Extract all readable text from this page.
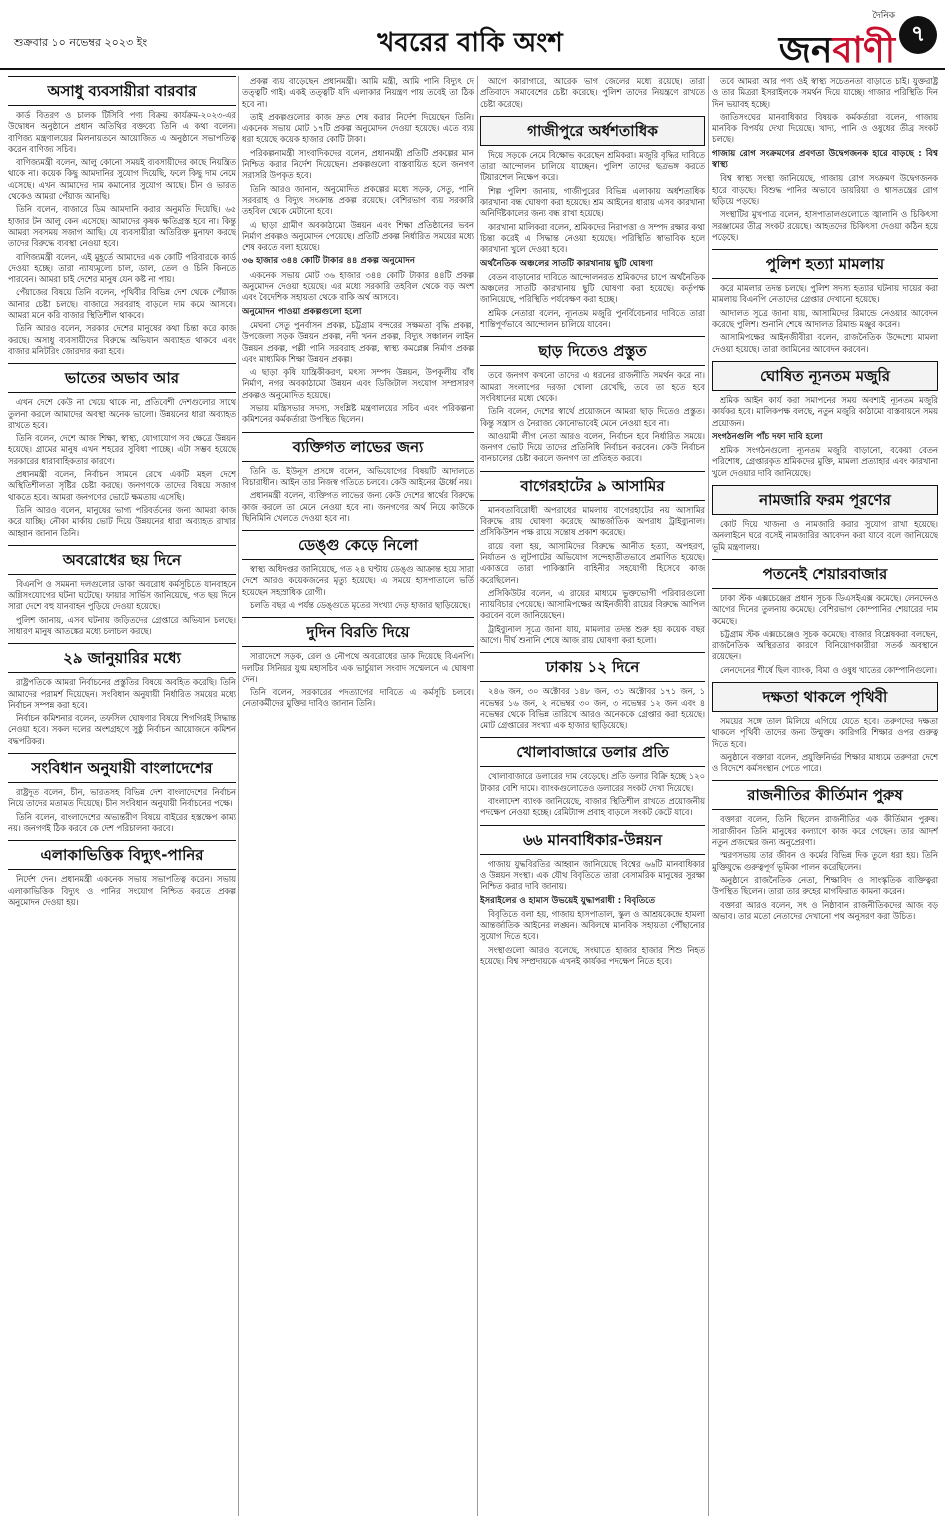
শুক্রবার ১০ নভেম্বর ২০২৩ ইং	খবরের বাকি অংশ
দৈনিক
জনবাণী ৭
অসাধু ব্যবসায়ীরা বারবার

কার্ড বিতরণ ও চালক টিসিবি পণ্য বিক্রয় কার্যক্রম-২০২৩-এর উদ্বোধন অনুষ্ঠানে প্রধান অতিথির বক্তব্যে তিনি এ কথা বলেন। বাণিজ্য মন্ত্রণালয়ের মিলনায়তনে আয়োজিত এ অনুষ্ঠানে সভাপতিত্ব করেন বাণিজ্য সচিব।

বাণিজ্যমন্ত্রী বলেন, আলু কোনো সময়ই ব্যবসায়ীদের কাছে নিয়ন্ত্রিত থাকে না। কয়েক কিছু আমদানির সুযোগ দিয়েছি, ফলে কিছু দাম নেমে এসেছে। এখন আমাদের দাম কমানোর সুযোগ আছে। চীন ও ভারত থেকেও আমরা পেঁয়াজ আনছি।

তিনি বলেন, বাজারে ডিম আমদানি করার অনুমতি দিয়েছি। ৬৫ হাজার টন আলু কেন এসেছে। আমাদের কৃষক ক্ষতিগ্রস্ত হবে না। কিন্তু আমরা সবসময় সজাগ আছি। যে ব্যবসায়ীরা অতিরিক্ত মুনাফা করছে তাদের বিরুদ্ধে ব্যবস্থা নেওয়া হবে।

বাণিজ্যমন্ত্রী বলেন, এই মুহূর্তে আমাদের এক কোটি পরিবারকে কার্ড দেওয়া হচ্ছে। তারা ন্যায্যমূল্যে চাল, ডাল, তেল ও চিনি কিনতে পারবেন। আমরা চাই দেশের মানুষ যেন কষ্ট না পায়।

পেঁয়াজের বিষয়ে তিনি বলেন, পৃথিবীর বিভিন্ন দেশ থেকে পেঁয়াজ আনার চেষ্টা চলছে। বাজারে সরবরাহ বাড়লে দাম কমে আসবে। আমরা মনে করি বাজার স্থিতিশীল থাকবে।

তিনি আরও বলেন, সরকার দেশের মানুষের কথা চিন্তা করে কাজ করছে। অসাধু ব্যবসায়ীদের বিরুদ্ধে অভিযান অব্যাহত থাকবে এবং বাজার মনিটরিং জোরদার করা হবে।

ভাতের অভাব আর

এখন দেশে কেউ না খেয়ে থাকে না, প্রতিবেশী দেশগুলোর সাথে তুলনা করলে আমাদের অবস্থা অনেক ভালো। উন্নয়নের ধারা অব্যাহত রাখতে হবে।

তিনি বলেন, দেশে আজ শিক্ষা, স্বাস্থ্য, যোগাযোগ সব ক্ষেত্রে উন্নয়ন হয়েছে। গ্রামের মানুষ এখন শহরের সুবিধা পাচ্ছে। এটা সম্ভব হয়েছে সরকারের ধারাবাহিকতার কারণে।

প্রধানমন্ত্রী বলেন, নির্বাচন সামনে রেখে একটি মহল দেশে অস্থিতিশীলতা সৃষ্টির চেষ্টা করছে। জনগণকে তাদের বিষয়ে সজাগ থাকতে হবে। আমরা জনগণের ভোটে ক্ষমতায় এসেছি।

তিনি আরও বলেন, মানুষের ভাগ্য পরিবর্তনের জন্য আমরা কাজ করে যাচ্ছি। নৌকা মার্কায় ভোট দিয়ে উন্নয়নের ধারা অব্যাহত রাখার আহ্বান জানান তিনি।

অবরোধের ছয় দিনে

বিএনপি ও সমমনা দলগুলোর ডাকা অবরোধ কর্মসূচিতে যানবাহনে অগ্নিসংযোগের ঘটনা ঘটেছে। ফায়ার সার্ভিস জানিয়েছে, গত ছয় দিনে সারা দেশে বহু যানবাহন পুড়িয়ে দেওয়া হয়েছে।

পুলিশ জানায়, এসব ঘটনায় জড়িতদের গ্রেপ্তারে অভিযান চলছে। সাধারণ মানুষ আতঙ্কের মধ্যে চলাচল করছে।

২৯ জানুয়ারির মধ্যে

রাষ্ট্রপতিকে আমরা নির্বাচনের প্রস্তুতির বিষয়ে অবহিত করেছি। তিনি আমাদের পরামর্শ দিয়েছেন। সংবিধান অনুযায়ী নির্ধারিত সময়ের মধ্যে নির্বাচন সম্পন্ন করা হবে।

নির্বাচন কমিশনার বলেন, তফসিল ঘোষণার বিষয়ে শিগগিরই সিদ্ধান্ত নেওয়া হবে। সকল দলের অংশগ্রহণে সুষ্ঠু নির্বাচন আয়োজনে কমিশন বদ্ধপরিকর।

সংবিধান অনুযায়ী বাংলাদেশের

রাষ্ট্রদূত বলেন, চীন, ভারতসহ বিভিন্ন দেশ বাংলাদেশের নির্বাচন নিয়ে তাদের মতামত দিয়েছে। চীন সংবিধান অনুযায়ী নির্বাচনের পক্ষে।

তিনি বলেন, বাংলাদেশের অভ্যন্তরীণ বিষয়ে বাইরের হস্তক্ষেপ কাম্য নয়। জনগণই ঠিক করবে কে দেশ পরিচালনা করবে।

এলাকাভিত্তিক বিদ্যুৎ-পানির

নির্দেশ দেন। প্রধানমন্ত্রী একনেক সভায় সভাপতিত্ব করেন। সভায় এলাকাভিত্তিক বিদ্যুৎ ও পানির সংযোগ নিশ্চিত করতে প্রকল্প অনুমোদন দেওয়া হয়।

প্রকল্প ব্যয় বাড়েছেন প্রধানমন্ত্রী। আমি মন্ত্রী, আমি পানি বিদ্যুৎ দে তত্ত্বটি গাই। একই তত্ত্বটি যদি এলাকার নিয়ন্ত্রণ পায় তবেই তা ঠিক হবে না।

তাই প্রকল্পগুলোর কাজ দ্রুত শেষ করার নির্দেশ দিয়েছেন তিনি। একনেক সভায় মোট ১৭টি প্রকল্প অনুমোদন দেওয়া হয়েছে। এতে ব্যয় ধরা হয়েছে কয়েক হাজার কোটি টাকা।

পরিকল্পনামন্ত্রী সাংবাদিকদের বলেন, প্রধানমন্ত্রী প্রতিটি প্রকল্পের মান নিশ্চিত করার নির্দেশ দিয়েছেন। প্রকল্পগুলো বাস্তবায়িত হলে জনগণ সরাসরি উপকৃত হবে।

তিনি আরও জানান, অনুমোদিত প্রকল্পের মধ্যে সড়ক, সেতু, পানি সরবরাহ ও বিদ্যুৎ সংক্রান্ত প্রকল্প রয়েছে। বেশিরভাগ ব্যয় সরকারি তহবিল থেকে মেটানো হবে।

এ ছাড়া গ্রামীণ অবকাঠামো উন্নয়ন এবং শিক্ষা প্রতিষ্ঠানের ভবন নির্মাণ প্রকল্পও অনুমোদন পেয়েছে। প্রতিটি প্রকল্প নির্ধারিত সময়ের মধ্যে শেষ করতে বলা হয়েছে।

৩৬ হাজার ৩৪৪ কোটি টাকার ৪৪ প্রকল্প অনুমোদন

একনেক সভায় মোট ৩৬ হাজার ৩৪৪ কোটি টাকার ৪৪টি প্রকল্প অনুমোদন দেওয়া হয়েছে। এর মধ্যে সরকারি তহবিল থেকে বড় অংশ এবং বৈদেশিক সহায়তা থেকে বাকি অর্থ আসবে।

অনুমোদন পাওয়া প্রকল্পগুলো হলো

মেঘনা সেতু পুনর্বাসন প্রকল্প, চট্টগ্রাম বন্দরের সক্ষমতা বৃদ্ধি প্রকল্প, উপজেলা সড়ক উন্নয়ন প্রকল্প, নদী খনন প্রকল্প, বিদ্যুৎ সঞ্চালন লাইন উন্নয়ন প্রকল্প, পল্লী পানি সরবরাহ প্রকল্প, স্বাস্থ্য কমপ্লেক্স নির্মাণ প্রকল্প এবং মাধ্যমিক শিক্ষা উন্নয়ন প্রকল্প।

এ ছাড়া কৃষি যান্ত্রিকীকরণ, মৎস্য সম্পদ উন্নয়ন, উপকূলীয় বাঁধ নির্মাণ, নগর অবকাঠামো উন্নয়ন এবং ডিজিটাল সংযোগ সম্প্রসারণ প্রকল্পও অনুমোদিত হয়েছে।

সভায় মন্ত্রিসভার সদস্য, সংশ্লিষ্ট মন্ত্রণালয়ের সচিব এবং পরিকল্পনা কমিশনের কর্মকর্তারা উপস্থিত ছিলেন।

ব্যক্তিগত লাভের জন্য

তিনি ড. ইউনূস প্রসঙ্গে বলেন, অভিযোগের বিষয়টি আদালতে বিচারাধীন। আইন তার নিজস্ব গতিতে চলবে। কেউ আইনের ঊর্ধ্বে নয়।

প্রধানমন্ত্রী বলেন, ব্যক্তিগত লাভের জন্য কেউ দেশের স্বার্থের বিরুদ্ধে কাজ করলে তা মেনে নেওয়া হবে না। জনগণের অর্থ নিয়ে কাউকে ছিনিমিনি খেলতে দেওয়া হবে না।

ডেঙ্গু কেড়ে নিলো

স্বাস্থ্য অধিদপ্তর জানিয়েছে, গত ২৪ ঘণ্টায় ডেঙ্গু আক্রান্ত হয়ে সারা দেশে আরও কয়েকজনের মৃত্যু হয়েছে। এ সময়ে হাসপাতালে ভর্তি হয়েছেন সহস্রাধিক রোগী।

চলতি বছর এ পর্যন্ত ডেঙ্গুতে মৃতের সংখ্যা দেড় হাজার ছাড়িয়েছে।

দুদিন বিরতি দিয়ে

সারাদেশে সড়ক, রেল ও নৌপথে অবরোধের ডাক দিয়েছে বিএনপি। দলটির সিনিয়র যুগ্ম মহাসচিব এক ভার্চুয়াল সংবাদ সম্মেলনে এ ঘোষণা দেন।

তিনি বলেন, সরকারের পদত্যাগের দাবিতে এ কর্মসূচি চলবে। নেতাকর্মীদের মুক্তির দাবিও জানান তিনি।

আগে কারাগারে, আরেক ভাগ জেলের মধ্যে রয়েছে। তারা প্রতিবাদে সমাবেশের চেষ্টা করেছে। পুলিশ তাদের নিয়ন্ত্রণে রাখতে চেষ্টা করেছে।

গাজীপুরে অর্ধশতাধিক

দিয়ে সড়কে নেমে বিক্ষোভ করেছেন শ্রমিকরা। মজুরি বৃদ্ধির দাবিতে তারা আন্দোলন চালিয়ে যাচ্ছেন। পুলিশ তাদের ছত্রভঙ্গ করতে টিয়ারশেল নিক্ষেপ করে।

শিল্প পুলিশ জানায়, গাজীপুরের বিভিন্ন এলাকায় অর্ধশতাধিক কারখানা বন্ধ ঘোষণা করা হয়েছে। শ্রম আইনের ধারায় এসব কারখানা অনির্দিষ্টকালের জন্য বন্ধ রাখা হয়েছে।

কারখানা মালিকরা বলেন, শ্রমিকদের নিরাপত্তা ও সম্পদ রক্ষার কথা চিন্তা করেই এ সিদ্ধান্ত নেওয়া হয়েছে। পরিস্থিতি স্বাভাবিক হলে কারখানা খুলে দেওয়া হবে।

অর্থনৈতিক অঞ্চলের সাতটি কারখানায় ছুটি ঘোষণা

বেতন বাড়ানোর দাবিতে আন্দোলনরত শ্রমিকদের চাপে অর্থনৈতিক অঞ্চলের সাতটি কারখানায় ছুটি ঘোষণা করা হয়েছে। কর্তৃপক্ষ জানিয়েছে, পরিস্থিতি পর্যবেক্ষণ করা হচ্ছে।

শ্রমিক নেতারা বলেন, ন্যূনতম মজুরি পুনর্বিবেচনার দাবিতে তারা শান্তিপূর্ণভাবে আন্দোলন চালিয়ে যাবেন।

ছাড় দিতেও প্রস্তুত

তবে জনগণ কখনো তাদের এ ধরনের রাজনীতি সমর্থন করে না। আমরা সংলাপের দরজা খোলা রেখেছি, তবে তা হতে হবে সংবিধানের মধ্যে থেকে।

তিনি বলেন, দেশের স্বার্থে প্রয়োজনে আমরা ছাড় দিতেও প্রস্তুত। কিন্তু সন্ত্রাস ও নৈরাজ্য কোনোভাবেই মেনে নেওয়া হবে না।

আওয়ামী লীগ নেতা আরও বলেন, নির্বাচন হবে নির্ধারিত সময়ে। জনগণ ভোট দিয়ে তাদের প্রতিনিধি নির্বাচন করবেন। কেউ নির্বাচন বানচালের চেষ্টা করলে জনগণ তা প্রতিহত করবে।

বাগেরহাটের ৯ আসামির

মানবতাবিরোধী অপরাধের মামলায় বাগেরহাটের নয় আসামির বিরুদ্ধে রায় ঘোষণা করেছে আন্তর্জাতিক অপরাধ ট্রাইব্যুনাল। প্রসিকিউশন পক্ষ রায়ে সন্তোষ প্রকাশ করেছে।

রায়ে বলা হয়, আসামিদের বিরুদ্ধে আনীত হত্যা, অপহরণ, নির্যাতন ও লুটপাটের অভিযোগ সন্দেহাতীতভাবে প্রমাণিত হয়েছে। একাত্তরে তারা পাকিস্তানি বাহিনীর সহযোগী হিসেবে কাজ করেছিলেন।

প্রসিকিউটর বলেন, এ রায়ের মাধ্যমে ভুক্তভোগী পরিবারগুলো ন্যায়বিচার পেয়েছে। আসামিপক্ষের আইনজীবী রায়ের বিরুদ্ধে আপিল করবেন বলে জানিয়েছেন।

ট্রাইব্যুনাল সূত্রে জানা যায়, মামলার তদন্ত শুরু হয় কয়েক বছর আগে। দীর্ঘ শুনানি শেষে আজ রায় ঘোষণা করা হলো।

ঢাকায় ১২ দিনে

২৪৬ জন, ৩০ অক্টোবর ১৪৮ জন, ৩১ অক্টোবর ১৭১ জন, ১ নভেম্বর ১৬ জন, ২ নভেম্বর ৩০ জন, ৩ নভেম্বর ১২ জন এবং ৪ নভেম্বর থেকে বিভিন্ন তারিখে আরও অনেককে গ্রেপ্তার করা হয়েছে। মোট গ্রেপ্তারের সংখ্যা এক হাজার ছাড়িয়েছে।

খোলাবাজারে ডলার প্রতি

খোলাবাজারে ডলারের দাম বেড়েছে। প্রতি ডলার বিক্রি হচ্ছে ১২০ টাকার বেশি দামে। ব্যাংকগুলোতেও ডলারের সংকট দেখা দিয়েছে।

বাংলাদেশ ব্যাংক জানিয়েছে, বাজার স্থিতিশীল রাখতে প্রয়োজনীয় পদক্ষেপ নেওয়া হচ্ছে। রেমিট্যান্স প্রবাহ বাড়লে সংকট কেটে যাবে।

৬৬ মানবাধিকার-উন্নয়ন

গাজায় যুদ্ধবিরতির আহ্বান জানিয়েছে বিশ্বের ৬৬টি মানবাধিকার ও উন্নয়ন সংস্থা। এক যৌথ বিবৃতিতে তারা বেসামরিক মানুষের সুরক্ষা নিশ্চিত করার দাবি জানায়।

ইসরাইলের ও হামাস উভয়েই যুদ্ধাপরাধী : বিবৃতিতে

বিবৃতিতে বলা হয়, গাজায় হাসপাতাল, স্কুল ও আশ্রয়কেন্দ্রে হামলা আন্তর্জাতিক আইনের লঙ্ঘন। অবিলম্বে মানবিক সহায়তা পৌঁছানোর সুযোগ দিতে হবে।

সংস্থাগুলো আরও বলেছে, সংঘাতে হাজার হাজার শিশু নিহত হয়েছে। বিশ্ব সম্প্রদায়কে এখনই কার্যকর পদক্ষেপ নিতে হবে।

তবে আমরা আর পণ্য ওই স্বাস্থ্য সচেতনতা বাড়াতে চাই। যুক্তরাষ্ট্র ও তার মিত্ররা ইসরাইলকে সমর্থন দিয়ে যাচ্ছে। গাজার পরিস্থিতি দিন দিন ভয়াবহ হচ্ছে।

জাতিসংঘের মানবাধিকার বিষয়ক কর্মকর্তারা বলেন, গাজায় মানবিক বিপর্যয় দেখা দিয়েছে। খাদ্য, পানি ও ওষুধের তীব্র সংকট চলছে।

গাজায় রোগ সংক্রমণের প্রবণতা উদ্বেগজনক হারে বাড়ছে : বিশ্ব স্বাস্থ্য

বিশ্ব স্বাস্থ্য সংস্থা জানিয়েছে, গাজায় রোগ সংক্রমণ উদ্বেগজনক হারে বাড়ছে। বিশুদ্ধ পানির অভাবে ডায়রিয়া ও শ্বাসতন্ত্রের রোগ ছড়িয়ে পড়ছে।

সংস্থাটির মুখপাত্র বলেন, হাসপাতালগুলোতে জ্বালানি ও চিকিৎসা সরঞ্জামের তীব্র সংকট রয়েছে। আহতদের চিকিৎসা দেওয়া কঠিন হয়ে পড়েছে।

পুলিশ হত্যা মামলায়

করে মামলার তদন্ত চলছে। পুলিশ সদস্য হত্যার ঘটনায় দায়ের করা মামলায় বিএনপি নেতাদের গ্রেপ্তার দেখানো হয়েছে।

আদালত সূত্রে জানা যায়, আসামিদের রিমান্ডে নেওয়ার আবেদন করেছে পুলিশ। শুনানি শেষে আদালত রিমান্ড মঞ্জুর করেন।

আসামিপক্ষের আইনজীবীরা বলেন, রাজনৈতিক উদ্দেশ্যে মামলা দেওয়া হয়েছে। তারা জামিনের আবেদন করবেন।

ঘোষিত ন্যূনতম মজুরি

শ্রমিক আইন কার্য করা সমাপনের সময় অবশ্যই ন্যূনতম মজুরি কার্যকর হবে। মালিকপক্ষ বলছে, নতুন মজুরি কাঠামো বাস্তবায়নে সময় প্রয়োজন।

সংগঠনগুলি পাঁচ দফা দাবি হলো

শ্রমিক সংগঠনগুলো ন্যূনতম মজুরি বাড়ানো, বকেয়া বেতন পরিশোধ, গ্রেপ্তারকৃত শ্রমিকদের মুক্তি, মামলা প্রত্যাহার এবং কারখানা খুলে দেওয়ার দাবি জানিয়েছে।

নামজারি ফরম পূরণের

কোট দিয়ে খাজনা ও নামজারি করার সুযোগ রাখা হয়েছে। অনলাইনে ঘরে বসেই নামজারির আবেদন করা যাবে বলে জানিয়েছে ভূমি মন্ত্রণালয়।

পতনেই শেয়ারবাজার

ঢাকা স্টক এক্সচেঞ্জের প্রধান সূচক ডিএসইএক্স কমেছে। লেনদেনও আগের দিনের তুলনায় কমেছে। বেশিরভাগ কোম্পানির শেয়ারের দাম কমেছে।

চট্টগ্রাম স্টক এক্সচেঞ্জেও সূচক কমেছে। বাজার বিশ্লেষকরা বলছেন, রাজনৈতিক অস্থিরতার কারণে বিনিয়োগকারীরা সতর্ক অবস্থানে রয়েছেন।

লেনদেনের শীর্ষে ছিল ব্যাংক, বিমা ও ওষুধ খাতের কোম্পানিগুলো।

দক্ষতা থাকলে পৃথিবী

সময়ের সঙ্গে তাল মিলিয়ে এগিয়ে যেতে হবে। তরুণদের দক্ষতা থাকলে পৃথিবী তাদের জন্য উন্মুক্ত। কারিগরি শিক্ষার ওপর গুরুত্ব দিতে হবে।

অনুষ্ঠানে বক্তারা বলেন, প্রযুক্তিনির্ভর শিক্ষার মাধ্যমে তরুণরা দেশে ও বিদেশে কর্মসংস্থান পেতে পারে।

রাজনীতির কীর্তিমান পুরুষ

বক্তারা বলেন, তিনি ছিলেন রাজনীতির এক কীর্তিমান পুরুষ। সারাজীবন তিনি মানুষের কল্যাণে কাজ করে গেছেন। তার আদর্শ নতুন প্রজন্মের জন্য অনুপ্রেরণা।

স্মরণসভায় তার জীবন ও কর্মের বিভিন্ন দিক তুলে ধরা হয়। তিনি মুক্তিযুদ্ধে গুরুত্বপূর্ণ ভূমিকা পালন করেছিলেন।

অনুষ্ঠানে রাজনৈতিক নেতা, শিক্ষাবিদ ও সাংস্কৃতিক ব্যক্তিত্বরা উপস্থিত ছিলেন। তারা তার রুহের মাগফিরাত কামনা করেন।

বক্তারা আরও বলেন, সৎ ও নিষ্ঠাবান রাজনীতিকদের আজ বড় অভাব। তার মতো নেতাদের দেখানো পথ অনুসরণ করা উচিত।
